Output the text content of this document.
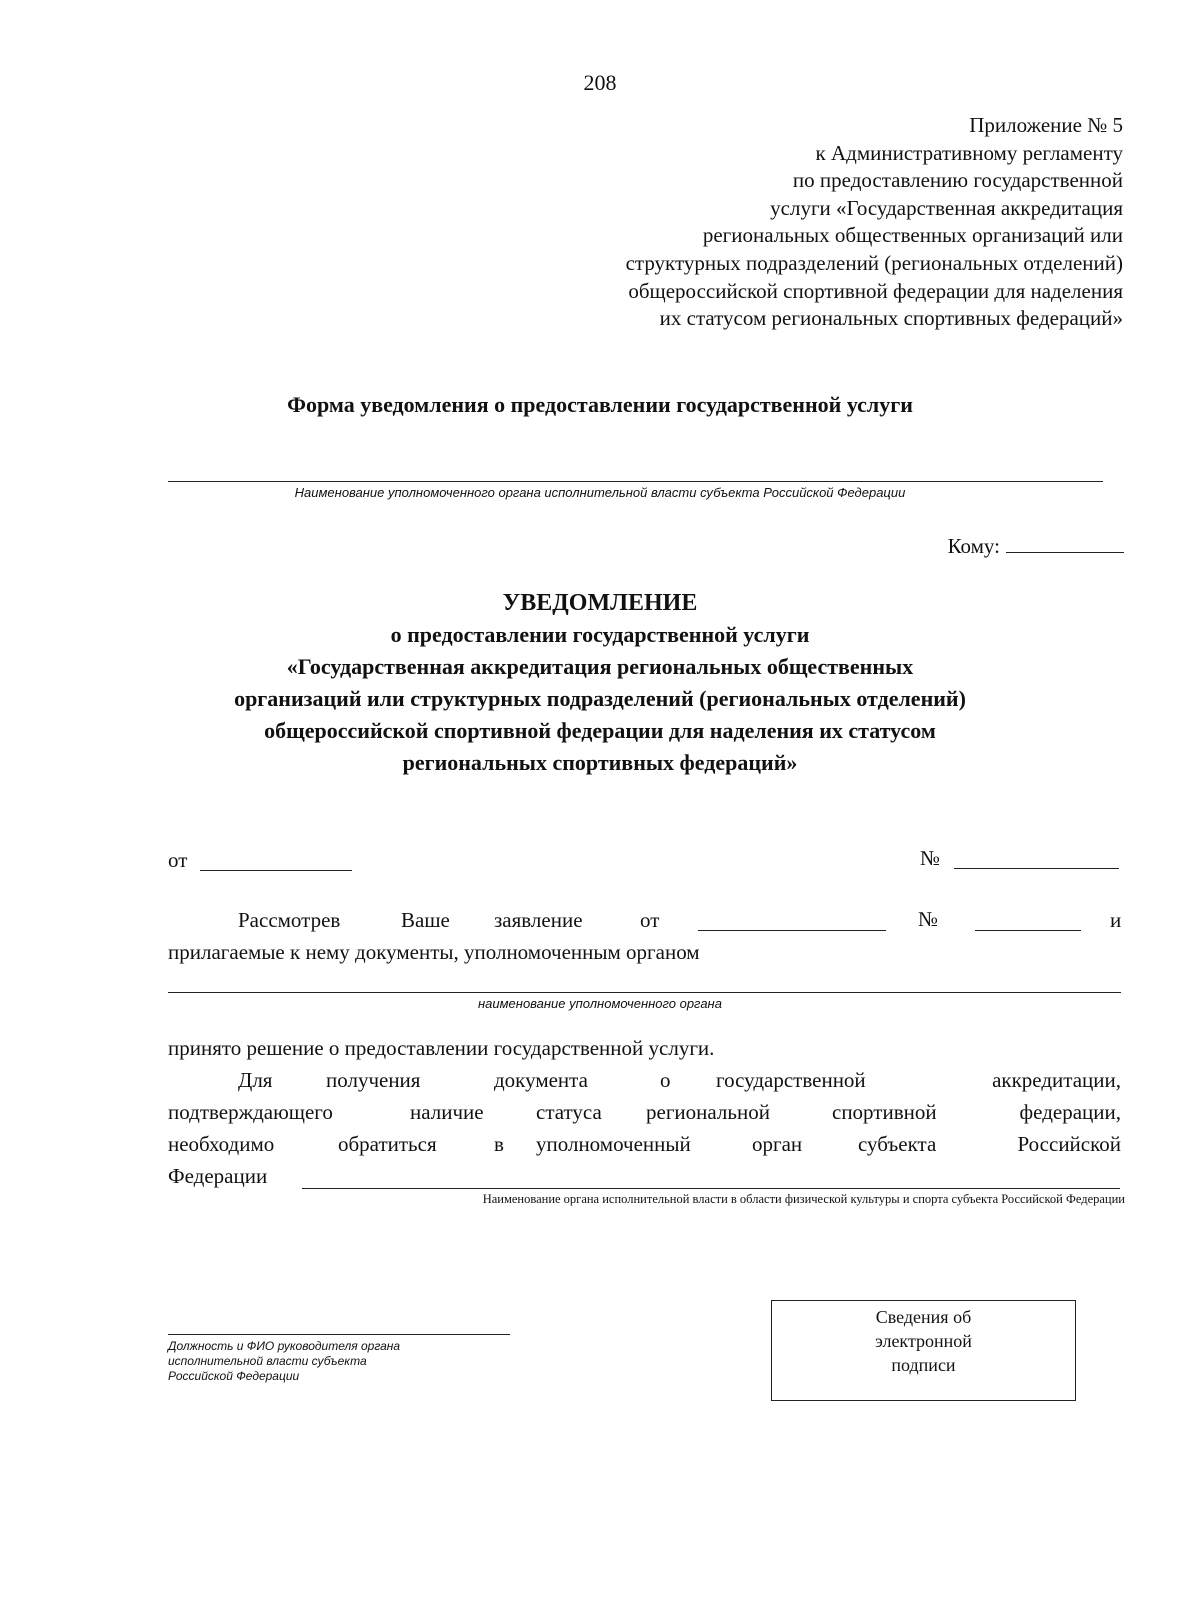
208
Приложение № 5
к Административному регламенту
по предоставлению государственной
услуги «Государственная аккредитация
региональных общественных организаций или
структурных подразделений (региональных отделений)
общероссийской спортивной федерации для наделения
их статусом региональных спортивных федераций»
Форма уведомления о предоставлении государственной услуги
Наименование уполномоченного органа исполнительной власти субъекта Российской Федерации
Кому:
УВЕДОМЛЕНИЕ
о предоставлении государственной услуги
«Государственная аккредитация региональных общественных
организаций или структурных подразделений (региональных отделений)
общероссийской спортивной федерации для наделения их статусом
региональных спортивных федераций»
от	№
Рассмотрев	Ваше заявление	от	№	и
прилагаемые к нему документы, уполномоченным органом
наименование уполномоченного органа
принято решение о предоставлении государственной услуги.
Для	получения	документа	о государственной	аккредитации,
подтверждающего	наличие статуса региональной	спортивной	федерации,
необходимо	обратиться	в уполномоченный	орган	субъекта	Российской
Федерации
Наименование органа исполнительной власти в области физической культуры и спорта субъекта Российской Федерации
Должность и ФИО руководителя органа
исполнительной власти субъекта
Российской Федерации
Сведения об
электронной
подписи
